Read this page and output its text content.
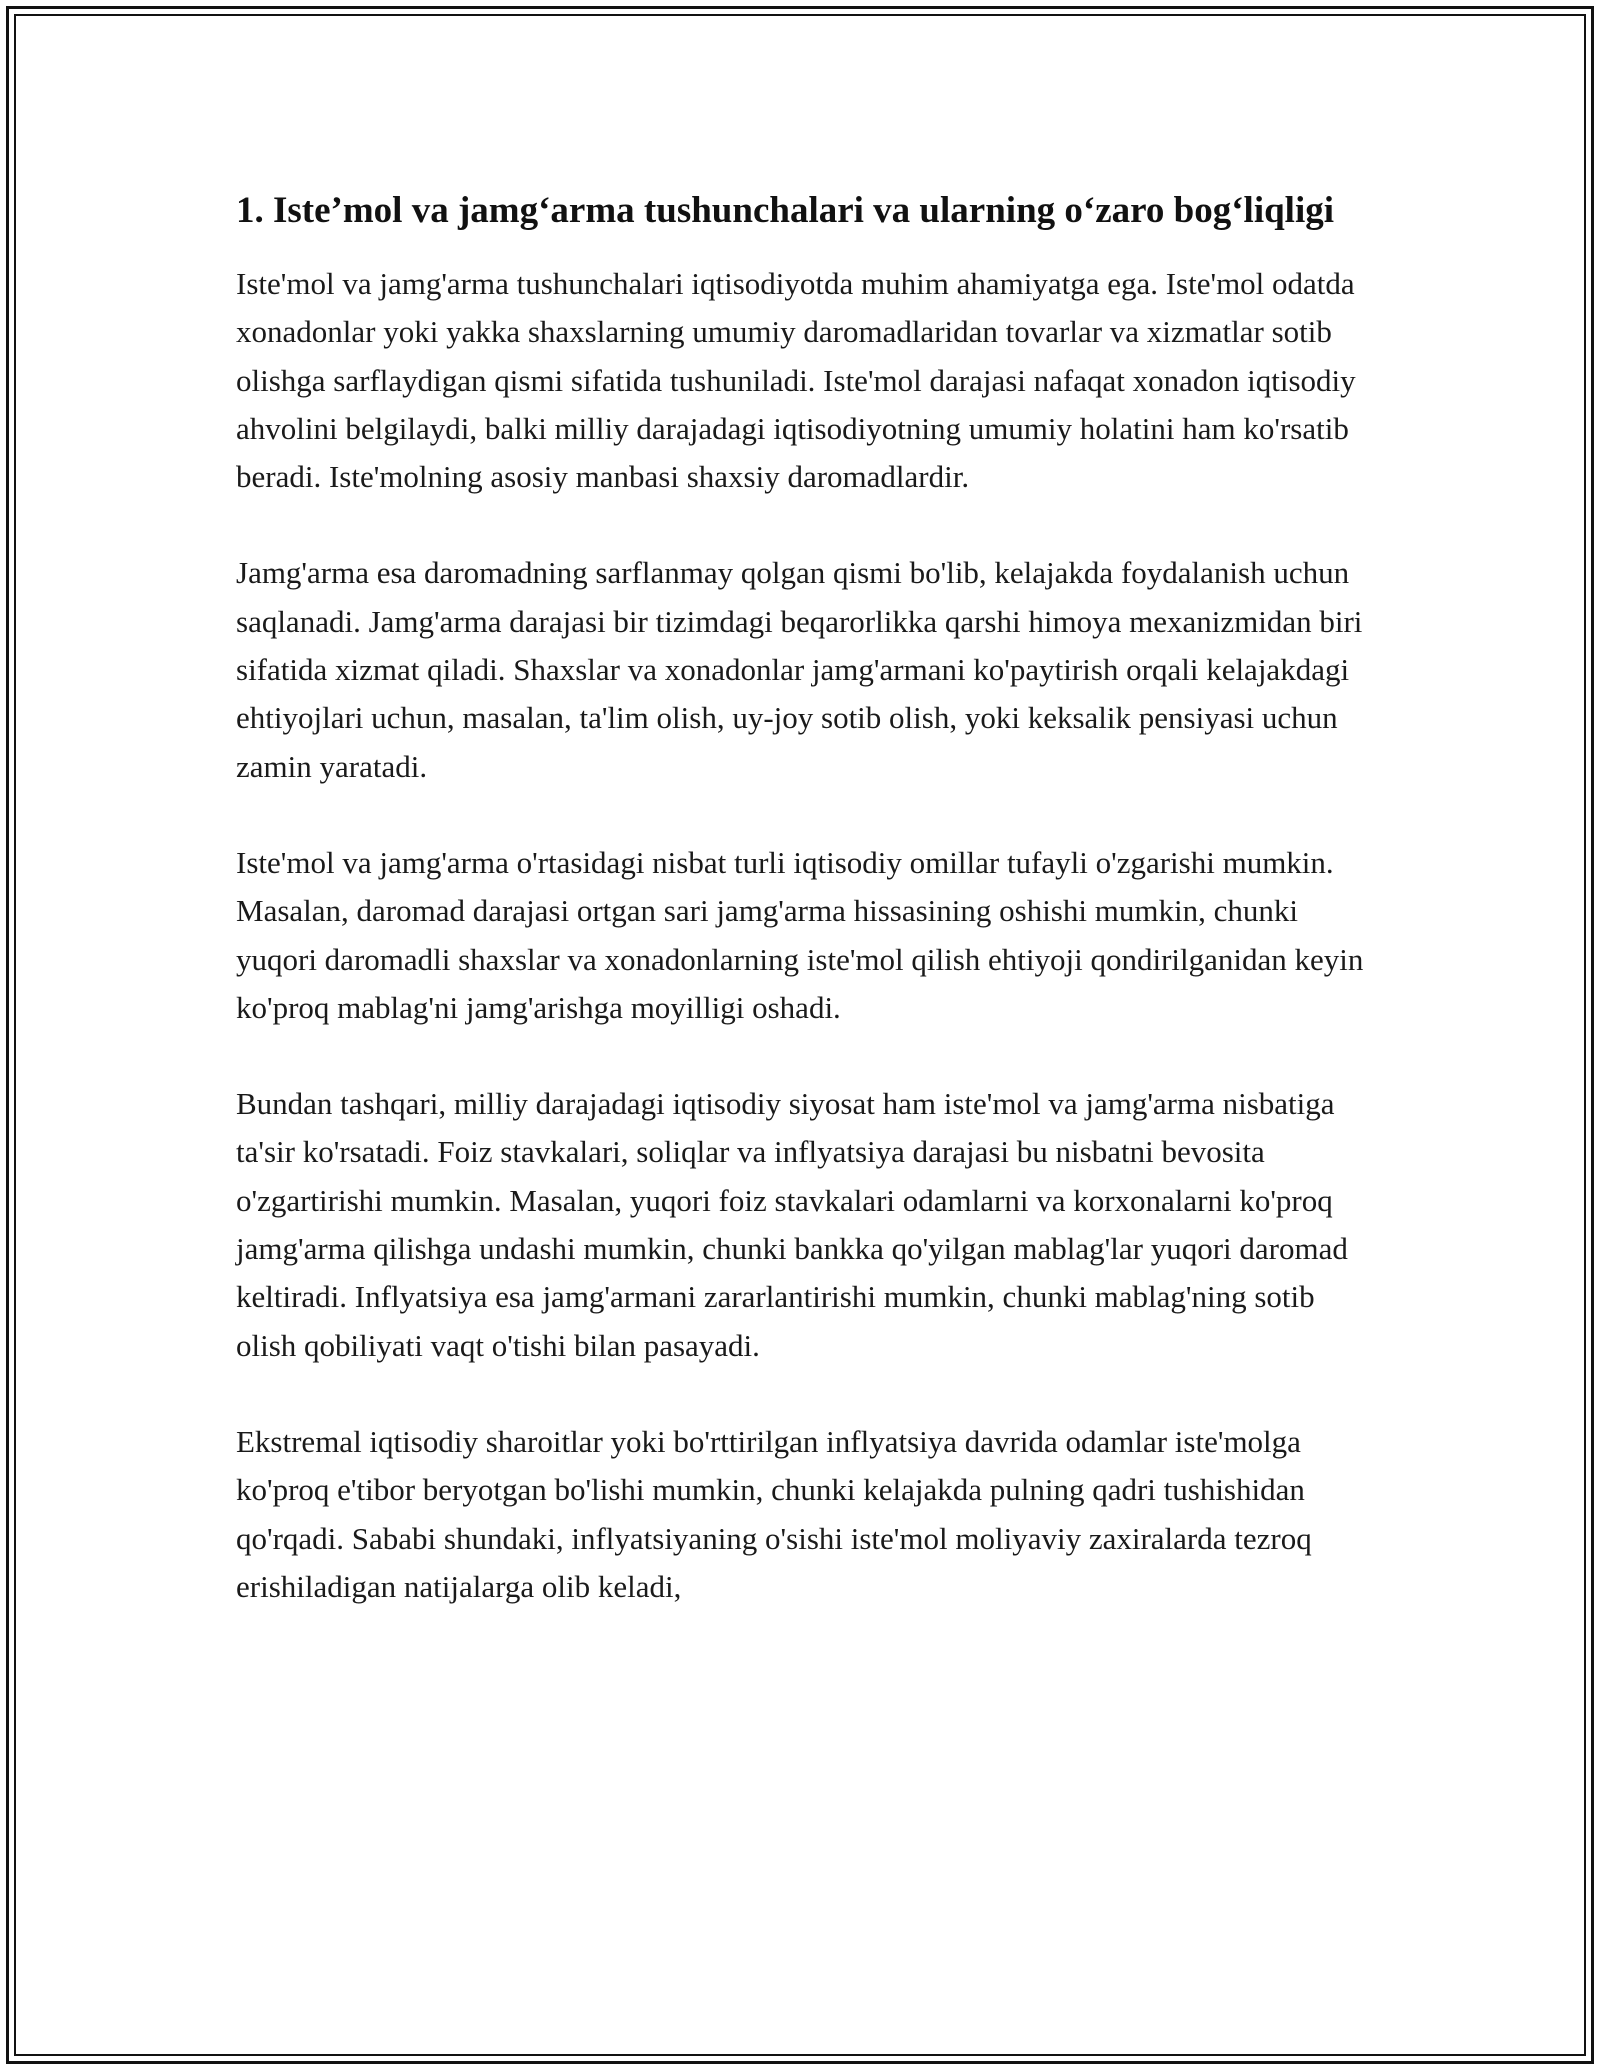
1. Iste’mol va jamg‘arma tushunchalari va ularning o‘zaro bog‘liqligi

Iste'mol va jamg'arma tushunchalari iqtisodiyotda muhim ahamiyatga ega. Iste'mol odatda xonadonlar yoki yakka shaxslarning umumiy daromadlaridan tovarlar va xizmatlar sotib olishga sarflaydigan qismi sifatida tushuniladi. Iste'mol darajasi nafaqat xonadon iqtisodiy ahvolini belgilaydi, balki milliy darajadagi iqtisodiyotning umumiy holatini ham ko'rsatib beradi. Iste'molning asosiy manbasi shaxsiy daromadlardir.

Jamg'arma esa daromadning sarflanmay qolgan qismi bo'lib, kelajakda foydalanish uchun saqlanadi. Jamg'arma darajasi bir tizimdagi beqarorlikka qarshi himoya mexanizmidan biri sifatida xizmat qiladi. Shaxslar va xonadonlar jamg'armani ko'paytirish orqali kelajakdagi ehtiyojlari uchun, masalan, ta'lim olish, uy-joy sotib olish, yoki keksalik pensiyasi uchun zamin yaratadi.

Iste'mol va jamg'arma o'rtasidagi nisbat turli iqtisodiy omillar tufayli o'zgarishi mumkin. Masalan, daromad darajasi ortgan sari jamg'arma hissasining oshishi mumkin, chunki yuqori daromadli shaxslar va xonadonlarning iste'mol qilish ehtiyoji qondirilganidan keyin ko'proq mablag'ni jamg'arishga moyilligi oshadi.

Bundan tashqari, milliy darajadagi iqtisodiy siyosat ham iste'mol va jamg'arma nisbatiga ta'sir ko'rsatadi. Foiz stavkalari, soliqlar va inflyatsiya darajasi bu nisbatni bevosita o'zgartirishi mumkin. Masalan, yuqori foiz stavkalari odamlarni va korxonalarni ko'proq jamg'arma qilishga undashi mumkin, chunki bankka qo'yilgan mablag'lar yuqori daromad keltiradi. Inflyatsiya esa jamg'armani zararlantirishi mumkin, chunki mablag'ning sotib olish qobiliyati vaqt o'tishi bilan pasayadi.

Ekstremal iqtisodiy sharoitlar yoki bo'rttirilgan inflyatsiya davrida odamlar iste'molga ko'proq e'tibor beryotgan bo'lishi mumkin, chunki kelajakda pulning qadri tushishidan qo'rqadi. Sababi shundaki, inflyatsiyaning o'sishi iste'mol moliyaviy zaxiralarda tezroq erishiladigan natijalarga olib keladi,
